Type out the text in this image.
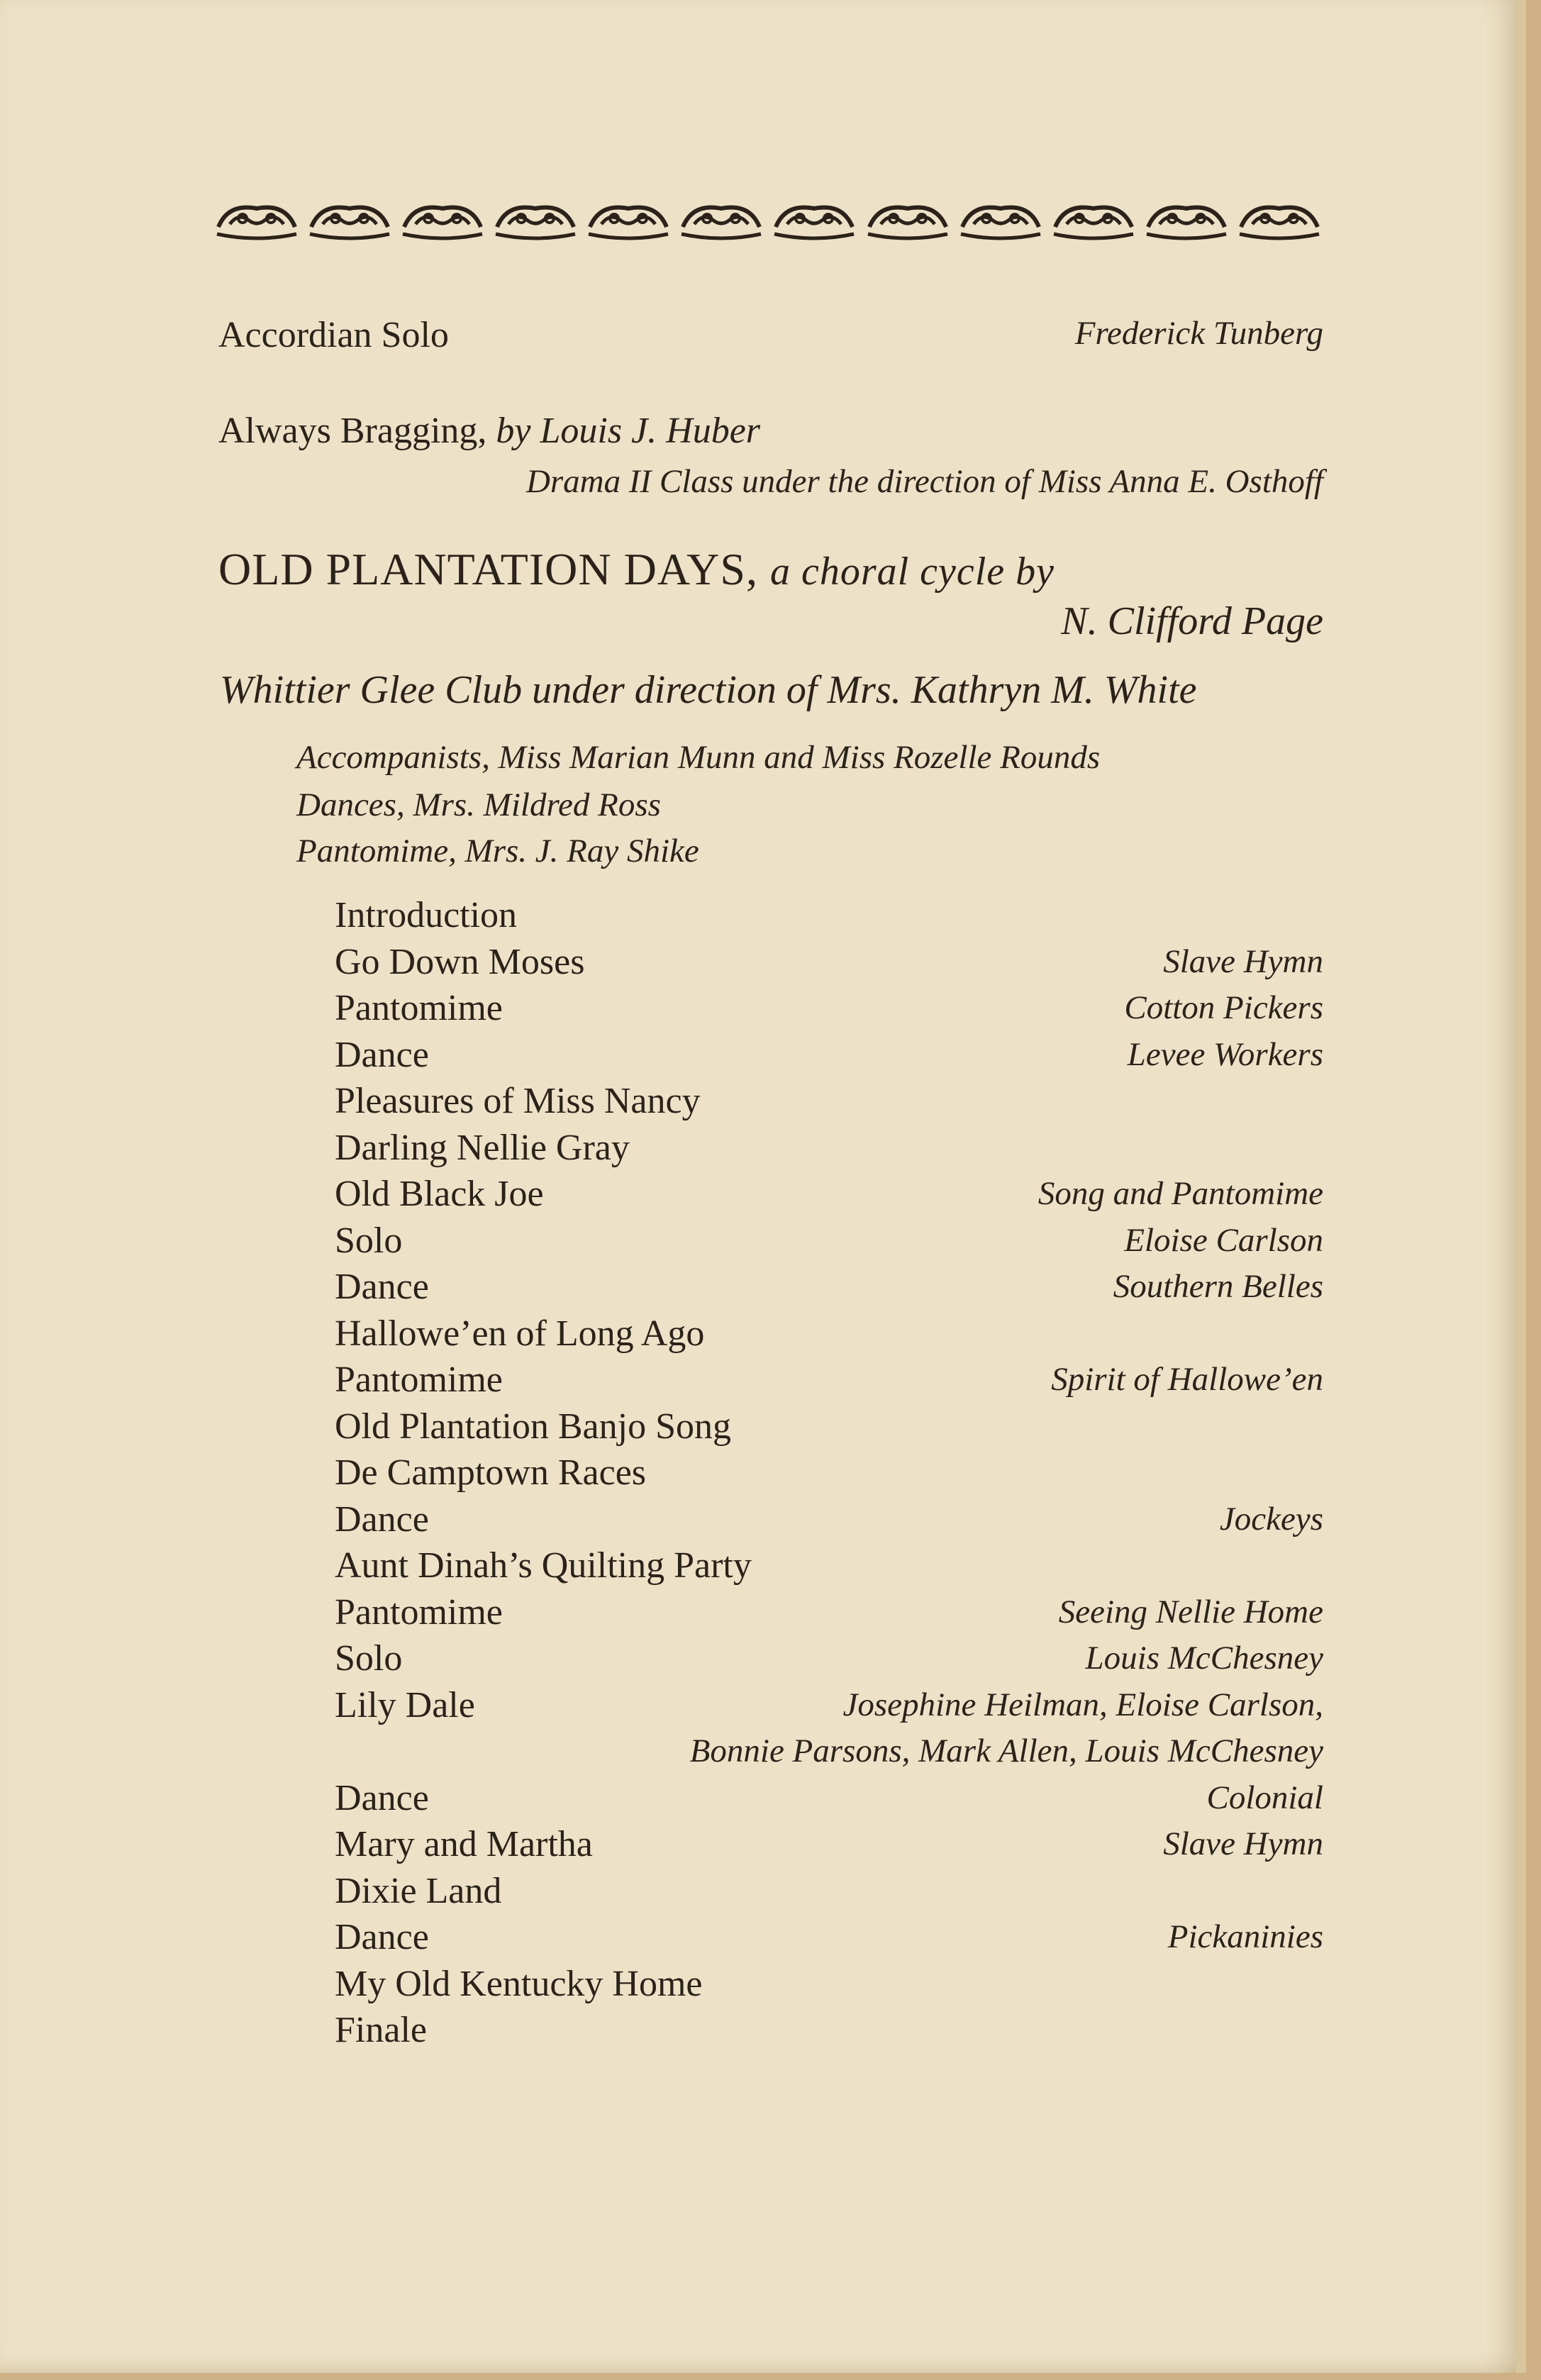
Accordian Solo	Frederick Tunberg
Always Bragging, by Louis J. Huber
Drama II Class under the direction of Miss Anna E. Osthoff
OLD PLANTATION DAYS, a choral cycle by
N. Clifford Page
Whittier Glee Club under direction of Mrs. Kathryn M. White
Accompanists, Miss Marian Munn and Miss Rozelle Rounds
Dances, Mrs. Mildred Ross
Pantomime, Mrs. J. Ray Shike
Introduction
Go Down Moses	Slave Hymn
Pantomime	Cotton Pickers
Dance	Levee Workers
Pleasures of Miss Nancy
Darling Nellie Gray
Old Black Joe	Song and Pantomime
Solo	Eloise Carlson
Dance	Southern Belles
Hallowe’en of Long Ago
Pantomime	Spirit of Hallowe’en
Old Plantation Banjo Song
De Camptown Races
Dance	Jockeys
Aunt Dinah’s Quilting Party
Pantomime	Seeing Nellie Home
Solo	Louis McChesney
Lily Dale	Josephine Heilman, Eloise Carlson,
Bonnie Parsons, Mark Allen, Louis McChesney
Dance	Colonial
Mary and Martha	Slave Hymn
Dixie Land
Dance	Pickaninies
My Old Kentucky Home
Finale
